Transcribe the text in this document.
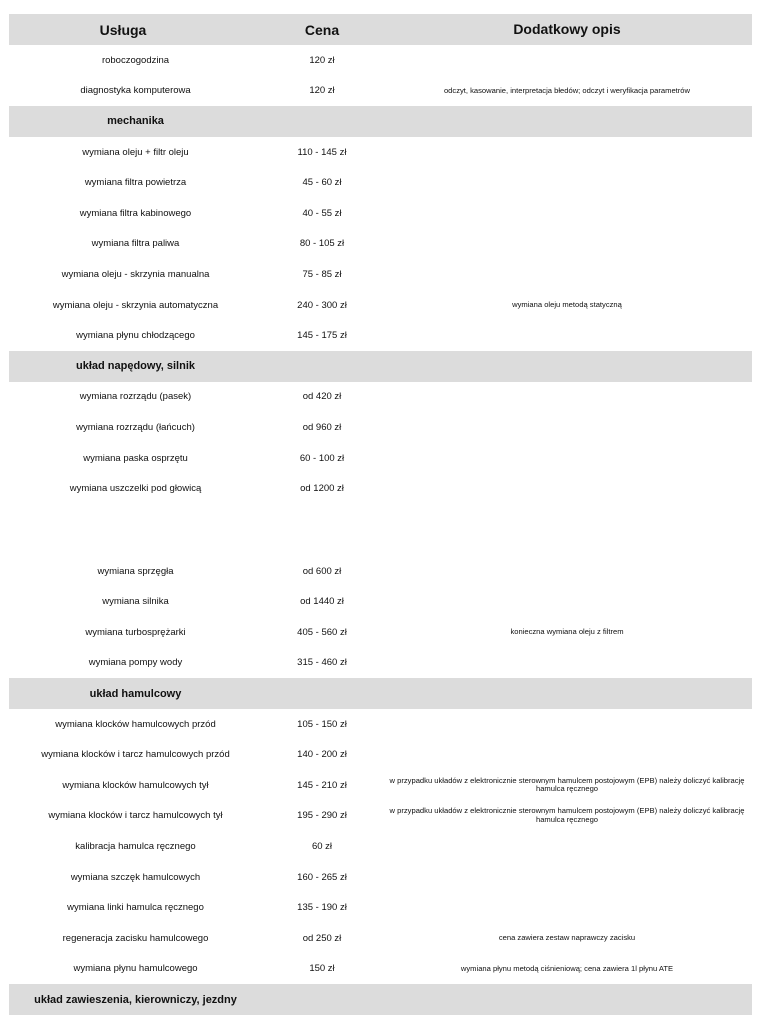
Usługa	Cena	Dodatkowy opis
roboczogodzina	120 zł
diagnostyka komputerowa	120 zł	odczyt, kasowanie, interpretacja błedów; odczyt i weryfikacja parametrów
mechanika
wymiana oleju + filtr oleju	110 - 145 zł
wymiana filtra powietrza	45 - 60 zł
wymiana filtra kabinowego	40 - 55 zł
wymiana filtra paliwa	80 - 105 zł
wymiana oleju - skrzynia manualna	75 - 85 zł
wymiana oleju - skrzynia automatyczna	240 - 300 zł	wymiana oleju metodą statyczną
wymiana płynu chłodzącego	145 - 175 zł
układ napędowy, silnik
wymiana rozrządu (pasek)	od 420 zł
wymiana rozrządu (łańcuch)	od 960 zł
wymiana paska osprzętu	60 - 100 zł
wymiana uszczelki pod głowicą	od 1200 zł
wymiana sprzęgła	od 600 zł
wymiana silnika	od 1440 zł
wymiana turbosprężarki	405 - 560 zł	konieczna wymiana oleju z filtrem
wymiana pompy wody	315 - 460 zł
układ hamulcowy
wymiana klocków hamulcowych przód	105 - 150 zł
wymiana klocków i tarcz hamulcowych przód	140 - 200 zł
wymiana klocków hamulcowych tył	145 - 210 zł	w przypadku układów z elektronicznie sterownym hamulcem postojowym (EPB) należy doliczyć kalibrację hamulca ręcznego
wymiana klocków i tarcz hamulcowych tył	195 - 290 zł	w przypadku układów z elektronicznie sterownym hamulcem postojowym (EPB) należy doliczyć kalibrację hamulca ręcznego
kalibracja hamulca ręcznego	60 zł
wymiana szczęk hamulcowych	160 - 265 zł
wymiana linki hamulca ręcznego	135 - 190 zł
regeneracja zacisku hamulcowego	od 250 zł	cena zawiera zestaw naprawczy zacisku
wymiana płynu hamulcowego	150 zł	wymiana płynu metodą ciśnieniową; cena zawiera 1l płynu ATE
układ zawieszenia, kierowniczy, jezdny
